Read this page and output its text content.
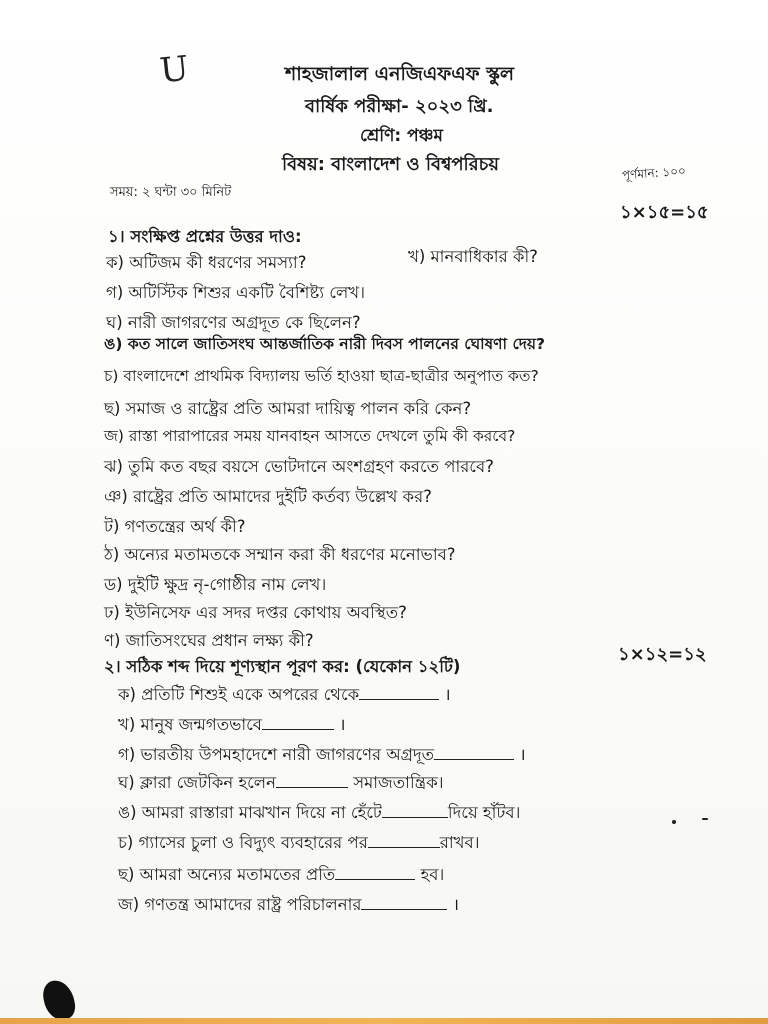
U	শাহজালাল এনজিএফএফ স্কুল
বার্ষিক পরীক্ষা- ২০২৩ খ্রি.
শ্রেণি: পঞ্চম
বিষয়: বাংলাদেশ ও বিশ্বপরিচয়	পূর্ণমান: ১০০
সময়: ২ ঘন্টা ৩০ মিনিট
১×১৫=১৫
১। সংক্ষিপ্ত প্রশ্নের উত্তর দাও:
ক) অটিজম কী ধরণের সমস্যা?	খ) মানবাধিকার কী?
গ) অটিস্টিক শিশুর একটি বৈশিষ্ট্য লেখ।
ঘ) নারী জাগরণের অগ্রদূত কে ছিলেন?
ঙ) কত সালে জাতিসংঘ আন্তর্জাতিক নারী দিবস পালনের ঘোষণা দেয়?
চ) বাংলাদেশে প্রাথমিক বিদ্যালয় ভর্তি হাওয়া ছাত্র-ছাত্রীর অনুপাত কত?
ছ) সমাজ ও রাষ্ট্রের প্রতি আমরা দায়িত্ব পালন করি কেন?
জ) রাস্তা পারাপারের সময় যানবাহন আসতে দেখলে তুমি কী করবে?
ঝ) তুমি কত বছর বয়সে ভোটদানে অংশগ্রহণ করতে পারবে?
ঞ) রাষ্ট্রের প্রতি আমাদের দুইটি কর্তব্য উল্লেখ কর?
ট) গণতন্ত্রের অর্থ কী?
ঠ) অন্যের মতামতকে সম্মান করা কী ধরণের মনোভাব?
ড) দুইটি ক্ষুদ্র নৃ-গোষ্ঠীর নাম লেখ।
ঢ) ইউনিসেফ এর সদর দপ্তর কোথায় অবস্থিত?
ণ) জাতিসংঘের প্রধান লক্ষ্য কী?
২। সঠিক শব্দ দিয়ে শূণ্যস্থান পূরণ কর: (যেকোন ১২টি)
১×১২=১২
ক) প্রতিটি শিশুই একে অপরের থেকে	।
খ) মানুষ জন্মগতভাবে	।
গ) ভারতীয় উপমহাদেশে নারী জাগরণের অগ্রদূত	।
ঘ) ক্লারা জেটকিন হলেন	সমাজতান্ত্রিক।
ঙ) আমরা রাস্তারা মাঝখান দিয়ে না হেঁটে	দিয়ে হাঁটব।
চ) গ্যাসের চুলা ও বিদ্যুৎ ব্যবহারের পর	রাখব।
ছ) আমরা অন্যের মতামতের প্রতি	হব।
জ) গণতন্ত্র আমাদের রাষ্ট্র পরিচালনার	।
